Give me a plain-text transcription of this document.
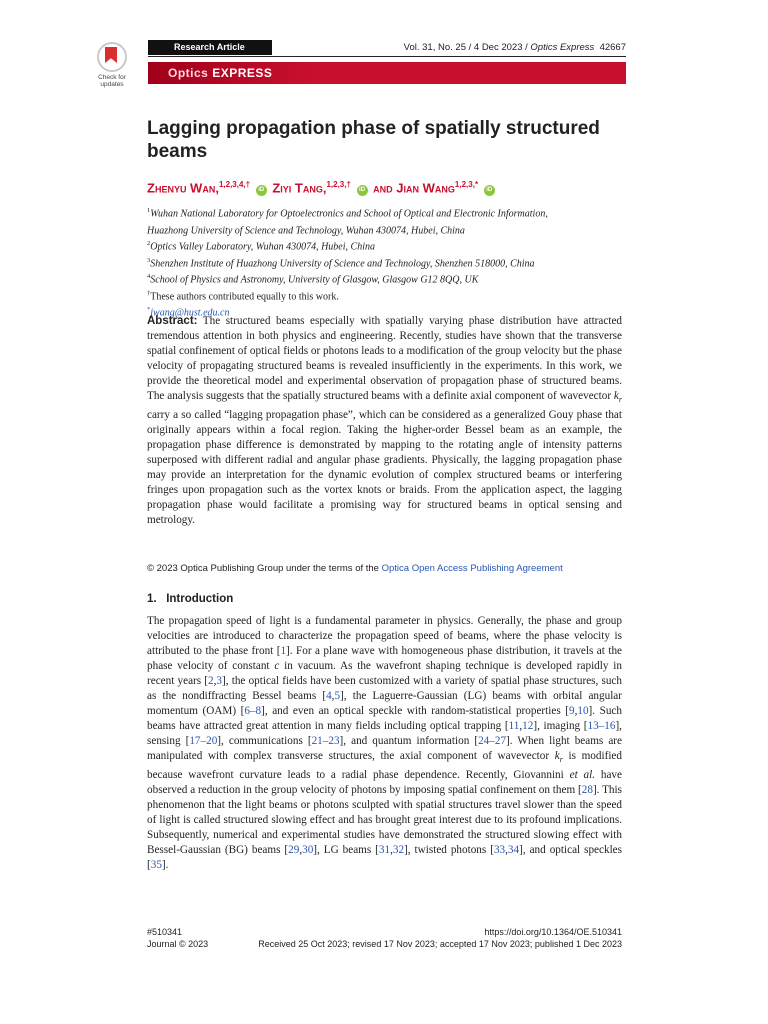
Check for updates
Research Article	Vol. 31, No. 25 / 4 Dec 2023 / Optics Express 42667
Optics EXPRESS
Lagging propagation phase of spatially structured beams
Zhenyu Wan,$^{1,2,3,4,\dagger}$ iD Ziyi Tang,$^{1,2,3,\dagger}$ iD and Jian Wang$^{1,2,3,*}$ iD
$^1$Wuhan National Laboratory for Optoelectronics and School of Optical and Electronic Information,
Huazhong University of Science and Technology, Wuhan 430074, Hubei, China
$^2$Optics Valley Laboratory, Wuhan 430074, Hubei, China
$^3$Shenzhen Institute of Huazhong University of Science and Technology, Shenzhen 518000, China
$^4$School of Physics and Astronomy, University of Glasgow, Glasgow G12 8QQ, UK
†These authors contributed equally to this work.
*jwang@hust.edu.cn
Abstract: The structured beams especially with spatially varying phase distribution have attracted tremendous attention in both physics and engineering. Recently, studies have shown that the transverse spatial confinement of optical fields or photons leads to a modification of the group velocity but the phase velocity of propagating structured beams is revealed insufficiently in the experiments. In this work, we provide the theoretical model and experimental observation of propagation phase of structured beams. The analysis suggests that the spatially structured beams with a definite axial component of wavevector $k_r$ carry a so called “lagging propagation phase”, which can be considered as a generalized Gouy phase that originally appears within a focal region. Taking the higher-order Bessel beam as an example, the propagation phase difference is demonstrated by mapping to the rotating angle of intensity patterns superposed with different radial and angular phase gradients. Physically, the lagging propagation phase may provide an interpretation for the dynamic evolution of complex structured beams or interfering fringes upon propagation such as the vortex knots or braids. From the application aspect, the lagging propagation phase would facilitate a promising way for structured beams in optical sensing and metrology.
© 2023 Optica Publishing Group under the terms of the Optica Open Access Publishing Agreement
1. Introduction
The propagation speed of light is a fundamental parameter in physics. Generally, the phase and group velocities are introduced to characterize the propagation speed of beams, where the phase velocity is attributed to the phase front [1]. For a plane wave with homogeneous phase distribution, it travels at the phase velocity of constant c in vacuum. As the wavefront shaping technique is developed rapidly in recent years [2,3], the optical fields have been customized with a variety of spatial phase structures, such as the nondiffracting Bessel beams [4,5], the Laguerre-Gaussian (LG) beams with orbital angular momentum (OAM) [6–8], and even an optical speckle with random-statistical properties [9,10]. Such beams have attracted great attention in many fields including optical trapping [11,12], imaging [13–16], sensing [17–20], communications [21–23], and quantum information [24–27]. When light beams are manipulated with complex transverse structures, the axial component of wavevector $k_r$ is modified because wavefront curvature leads to a radial phase dependence. Recently, Giovannini et al. have observed a reduction in the group velocity of photons by imposing spatial confinement on them [28]. This phenomenon that the light beams or photons sculpted with spatial structures travel slower than the speed of light is called structured slowing effect and has brought great interest due to its profound implications. Subsequently, numerical and experimental studies have demonstrated the structured slowing effect with Bessel-Gaussian (BG) beams [29,30], LG beams [31,32], twisted photons [33,34], and optical speckles [35].
#510341
Journal © 2023
https://doi.org/10.1364/OE.510341
Received 25 Oct 2023; revised 17 Nov 2023; accepted 17 Nov 2023; published 1 Dec 2023
